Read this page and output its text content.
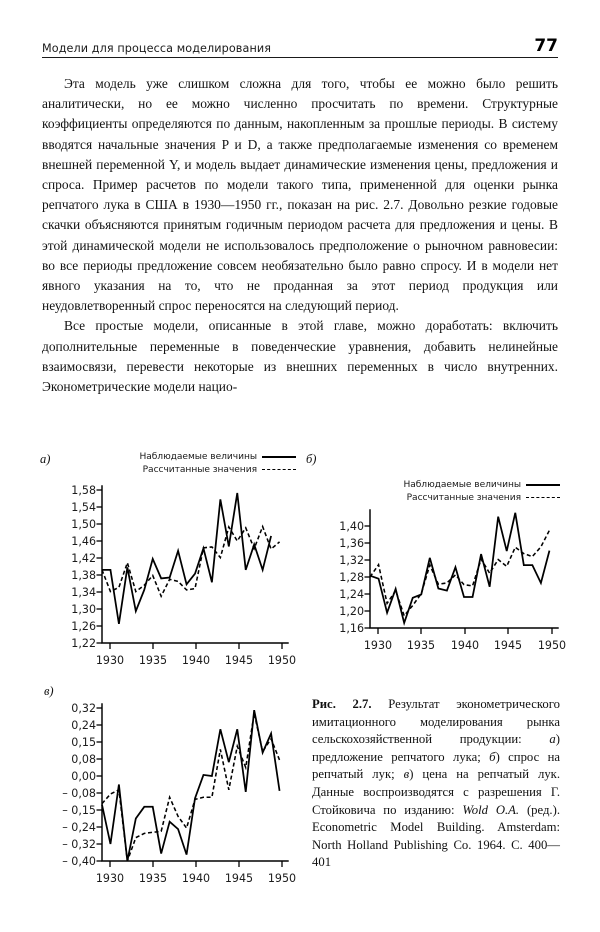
Модели для процесса моделирования	77

Эта модель уже слишком сложна для того, чтобы ее можно было решить аналитически, но ее можно численно просчитать по времени. Структурные коэффициенты определяются по данным, накопленным за прошлые периоды. В систему вводятся начальные значения P и D, а также предполагаемые изменения со временем внешней переменной Y, и модель выдает динамические изменения цены, предложения и спроса. Пример расчетов по модели такого типа, примененной для оценки рынка репчатого лука в США в 1930—1950 гг., показан на рис. 2.7. Довольно резкие годовые скачки объясняются принятым годичным периодом расчета для предложения и цены. В этой динамической модели не использовалось предположение о рыночном равновесии: во все периоды предложение совсем необязательно было равно спросу. И в модели нет явного указания на то, что не проданная за этот период продукция или неудовлетворенный спрос переносятся на следующий период.

Все простые модели, описанные в этой главе, можно доработать: включить дополнительные переменные в поведенческие уравнения, добавить нелинейные взаимосвязи, перевести некоторые из внешних переменных в число внутренних. Эконометрические модели нацио-

а)	Наблюдаемые величины
Рассчитанные значения
1,58
1,54
1,50
1,46
1,42
1,38
1,34
1,30
1,26
1,22
1930 1935 1940 1945 1950
б)
Наблюдаемые величины
Рассчитанные значения
1,40
1,36
1,32
1,28
1,24
1,20
1,16
1930 1935 1940 1945 1950
в)
0,32
0,24
0,15
0,08
0,00
– 0,08
– 0,15
– 0,24
– 0,32
– 0,40
1930 1935 1940 1945 1950
Рис. 2.7. Результат эконометрического имитационного моделирования рынка сельскохозяйственной продукции: а) предложение репчатого лука; б) спрос на репчатый лук; в) цена на репчатый лук. Данные воспроизводятся с разрешения Г. Стойковича по изданию: Wold O.A. (ред.). Econometric Model Building. Amsterdam: North Holland Publishing Co. 1964. С. 400—401
